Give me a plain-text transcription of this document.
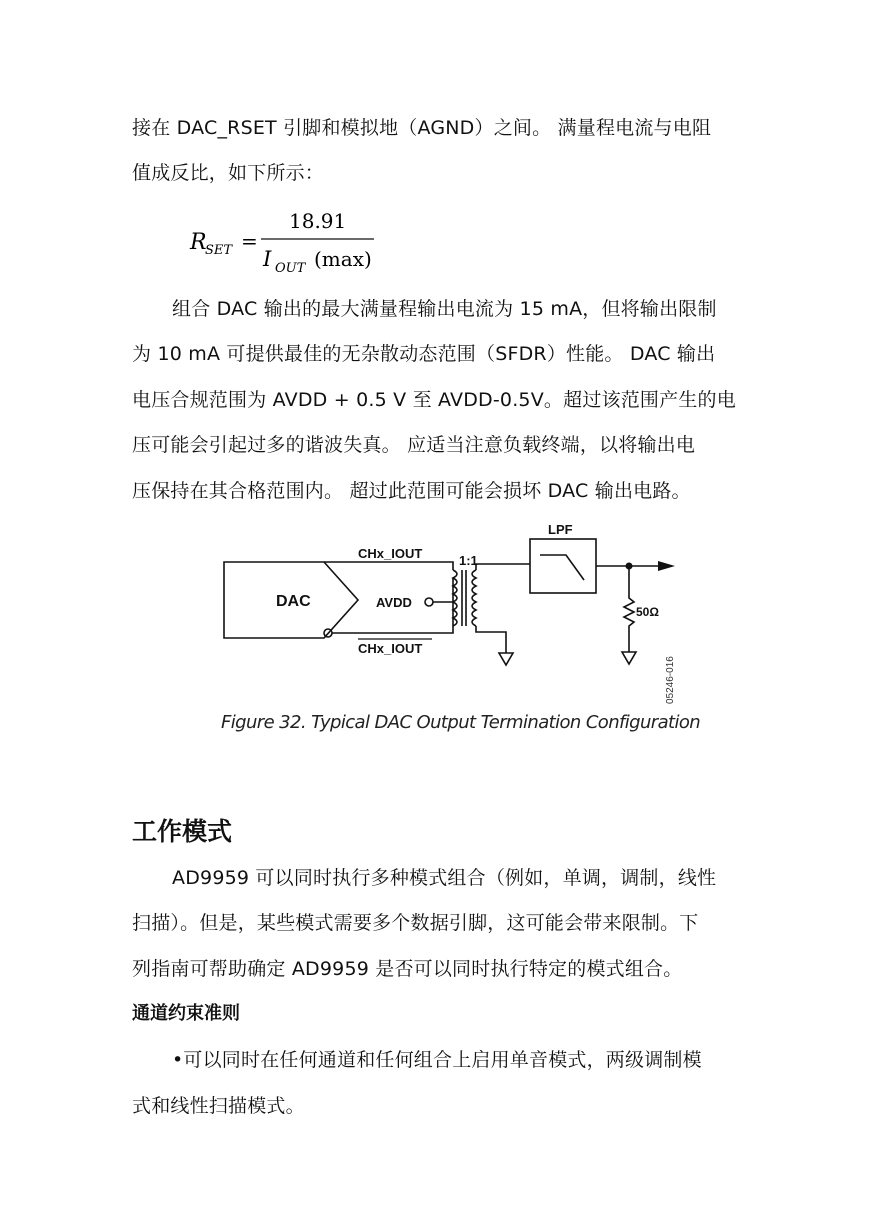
接在 DAC_RSET 引脚和模拟地（AGND）之间。 满量程电流与电阻
值成反比，如下所示：
R
SET =
18.91
I OUT (max)
组合 DAC 输出的最大满量程输出电流为 15 mA，但将输出限制
为 10 mA 可提供最佳的无杂散动态范围（SFDR）性能。 DAC 输出
电压合规范围为 AVDD + 0.5 V 至 AVDD-0.5V。超过该范围产生的电
压可能会引起过多的谐波失真。 应适当注意负载终端，以将输出电
压保持在其合格范围内。 超过此范围可能会损坏 DAC 输出电路。
DAC
CHx_IOUT
CHx_IOUT
AVDD
1:1
LPF
50Ω
05246-016
Figure 32. Typical DAC Output Termination Configuration
工作模式
AD9959 可以同时执行多种模式组合（例如，单调，调制，线性
扫描）。但是，某些模式需要多个数据引脚，这可能会带来限制。下
列指南可帮助确定 AD9959 是否可以同时执行特定的模式组合。
通道约束准则
•可以同时在任何通道和任何组合上启用单音模式，两级调制模
式和线性扫描模式。
